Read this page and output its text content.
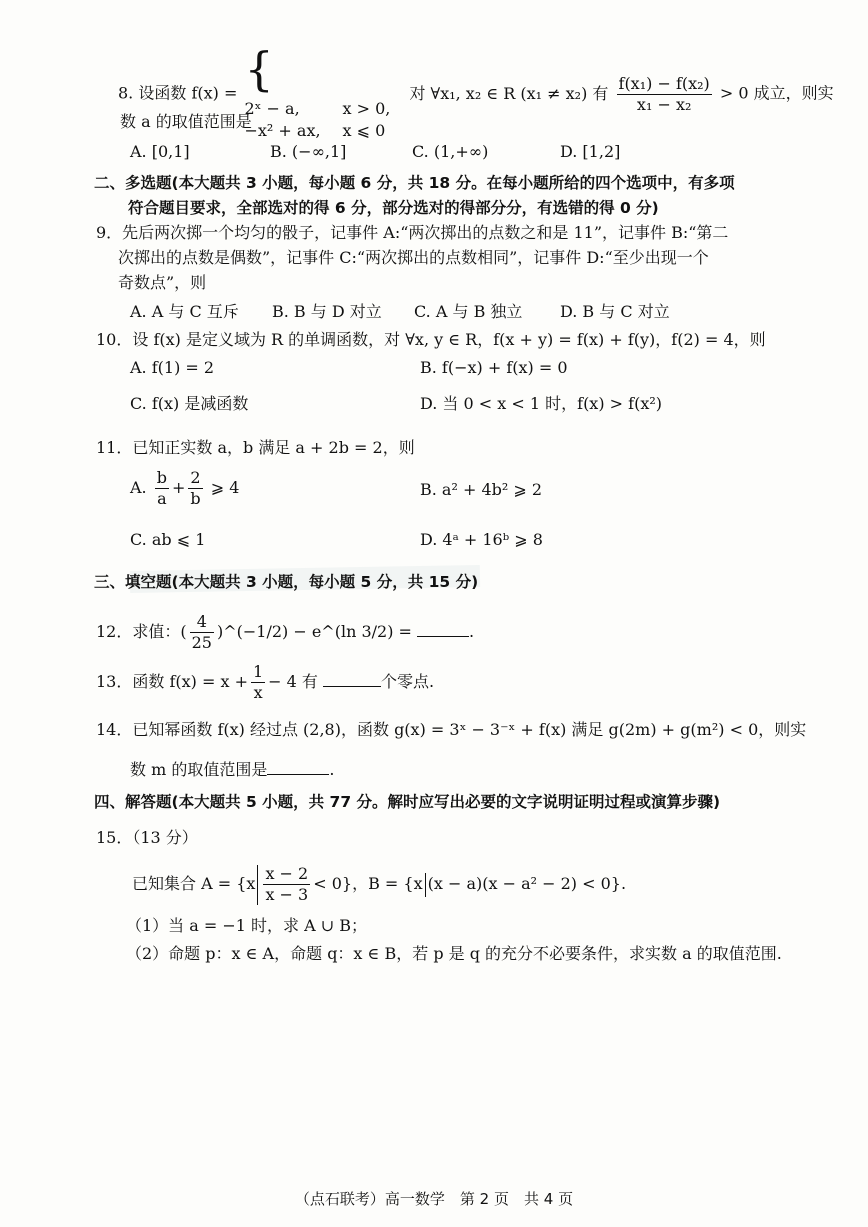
8. 设函数 f(x) = {
2ˣ − a,	x > 0,
−x² + ax, x ⩽ 0
对 ∀x₁, x₂ ∈ R (x₁ ≠ x₂) 有 $\frac{\text{f(x₁) − f(x₂)}}{\text{x₁ − x₂}} > 0$ 成立，则实
数 a 的取值范围是
A. [0,1]	B. (−∞,1]	C. (1,+∞)	D. [1,2]
二、多选题(本大题共 3 小题，每小题 6 分，共 18 分。在每小题所给的四个选项中，有多项
符合题目要求，全部选对的得 6 分，部分选对的得部分分，有选错的得 0 分)
9．先后两次掷一个均匀的骰子，记事件 A:“两次掷出的点数之和是 11”，记事件 B:“第二
次掷出的点数是偶数”，记事件 C:“两次掷出的点数相同”，记事件 D:“至少出现一个
奇数点”，则
A. A 与 C 互斥 B. B 与 D 对立 C. A 与 B 独立 D. B 与 C 对立
10．设 f(x) 是定义域为 R 的单调函数，对 ∀x, y ∈ R，f(x + y) = f(x) + f(y)，f(2) = 4，则
A. f(1) = 2	B. f(−x) + f(x) = 0
C. f(x) 是减函数	D. 当 0 < x < 1 时，f(x) > f(x²)
11．已知正实数 a，b 满足 a + 2b = 2，则
A. $\frac{b}{a} + \frac{2}{b}$ ⩾ 4	B. a² + 4b² ⩾ 2
C. ab ⩽ 1	D. 4ᵃ + 16ᵇ ⩾ 8
三、填空题(本大题共 3 小题，每小题 5 分，共 15 分)
12．求值：( $\frac{4}{25}$ )^(−1/2) − e^(ln 3/2) =	.
13．函数 $f(x) = x + \frac{1}{x} - 4$ 有	个零点.
14．已知幂函数 f(x) 经过点 (2,8)，函数 g(x) = 3ˣ − 3⁻ˣ + f(x) 满足 g(2m) + g(m²) < 0，则实
数 m 的取值范围是	.
四、解答题(本大题共 5 小题，共 77 分。解时应写出必要的文字说明证明过程或演算步骤)
15．（13 分）
已知集合 $A = \{x \frac{x - 2}{x - 3} < 0\}$，B = {x (x − a)(x − a² − 2) < 0}.
（1）当 a = −1 时，求 A ∪ B；
（2）命题 p：x ∈ A，命题 q：x ∈ B，若 p 是 q 的充分不必要条件，求实数 a 的取值范围.
（点石联考）高一数学　第 2 页　共 4 页
